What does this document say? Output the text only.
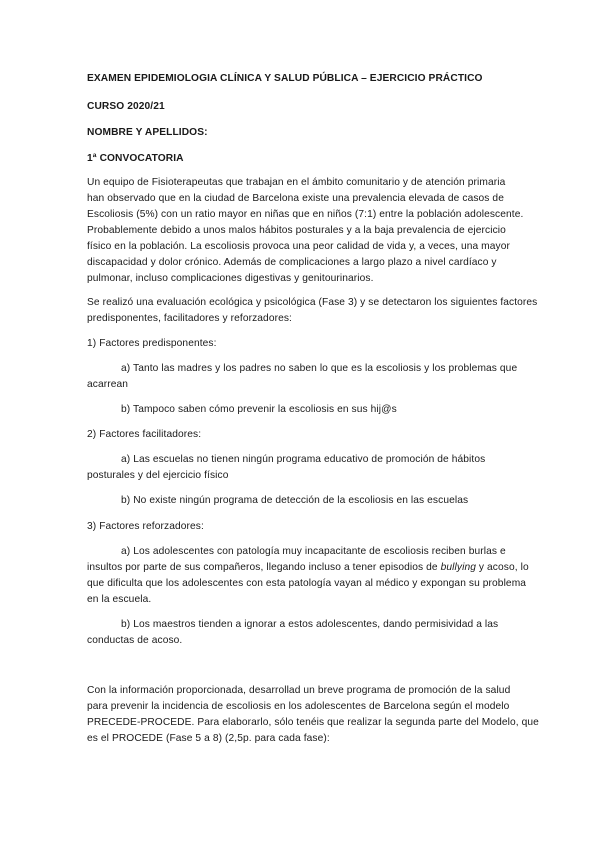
EXAMEN EPIDEMIOLOGIA CLÍNICA Y SALUD PÚBLICA – EJERCICIO PRÁCTICO
CURSO 2020/21
NOMBRE Y APELLIDOS:
1ª CONVOCATORIA
Un equipo de Fisioterapeutas que trabajan en el ámbito comunitario y de atención primaria
han observado que en la ciudad de Barcelona existe una prevalencia elevada de casos de
Escoliosis (5%) con un ratio mayor en niñas que en niños (7:1) entre la población adolescente.
Probablemente debido a unos malos hábitos posturales y a la baja prevalencia de ejercicio
físico en la población. La escoliosis provoca una peor calidad de vida y, a veces, una mayor
discapacidad y dolor crónico. Además de complicaciones a largo plazo a nivel cardíaco y
pulmonar, incluso complicaciones digestivas y genitourinarios.
Se realizó una evaluación ecológica y psicológica (Fase 3) y se detectaron los siguientes factores
predisponentes, facilitadores y reforzadores:
1) Factores predisponentes:
a) Tanto las madres y los padres no saben lo que es la escoliosis y los problemas que
acarrean
b) Tampoco saben cómo prevenir la escoliosis en sus hij@s
2) Factores facilitadores:
a) Las escuelas no tienen ningún programa educativo de promoción de hábitos
posturales y del ejercicio físico
b) No existe ningún programa de detección de la escoliosis en las escuelas
3) Factores reforzadores:
a) Los adolescentes con patología muy incapacitante de escoliosis reciben burlas e
insultos por parte de sus compañeros, llegando incluso a tener episodios de bullying y acoso, lo
que dificulta que los adolescentes con esta patología vayan al médico y expongan su problema
en la escuela.
b) Los maestros tienden a ignorar a estos adolescentes, dando permisividad a las
conductas de acoso.
Con la información proporcionada, desarrollad un breve programa de promoción de la salud
para prevenir la incidencia de escoliosis en los adolescentes de Barcelona según el modelo
PRECEDE-PROCEDE. Para elaborarlo, sólo tenéis que realizar la segunda parte del Modelo, que
es el PROCEDE (Fase 5 a 8) (2,5p. para cada fase):
